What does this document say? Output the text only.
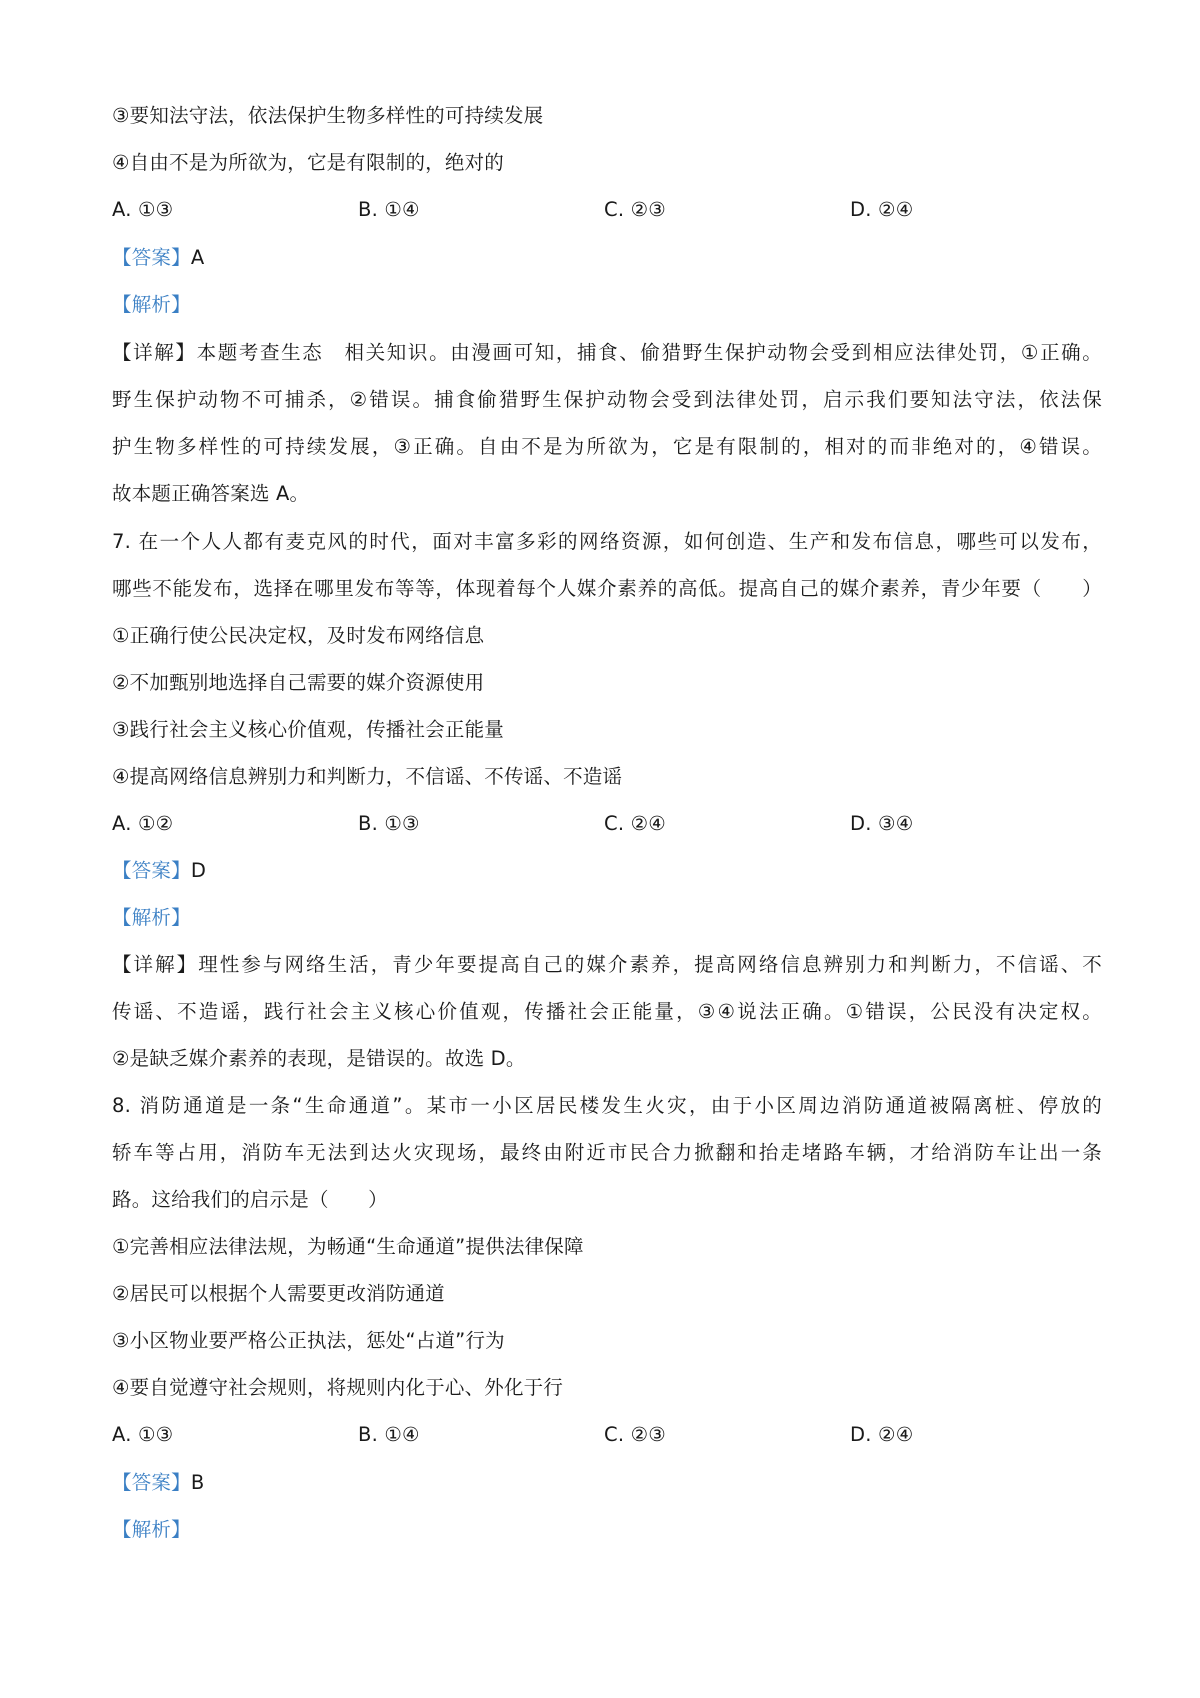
③要知法守法，依法保护生物多样性的可持续发展

④自由不是为所欲为，它是有限制的，绝对的

A. ①③	B. ①④	C. ②③	D. ②④

【答案】A

【解析】

【详解】本题考查生态　相关知识。由漫画可知，捕食、偷猎野生保护动物会受到相应法律处罚，①正确。

野生保护动物不可捕杀，②错误。捕食偷猎野生保护动物会受到法律处罚，启示我们要知法守法，依法保

护生物多样性的可持续发展，③正确。自由不是为所欲为，它是有限制的，相对的而非绝对的，④错误。

故本题正确答案选 A。

7. 在一个人人都有麦克风的时代，面对丰富多彩的网络资源，如何创造、生产和发布信息，哪些可以发布，

哪些不能发布，选择在哪里发布等等，体现着每个人媒介素养的高低。提高自己的媒介素养，青少年要（　　）

①正确行使公民决定权，及时发布网络信息

②不加甄别地选择自己需要的媒介资源使用

③践行社会主义核心价值观，传播社会正能量

④提高网络信息辨别力和判断力，不信谣、不传谣、不造谣

A. ①②	B. ①③	C. ②④	D. ③④

【答案】D

【解析】

【详解】理性参与网络生活，青少年要提高自己的媒介素养，提高网络信息辨别力和判断力，不信谣、不

传谣、不造谣，践行社会主义核心价值观，传播社会正能量，③④说法正确。①错误，公民没有决定权。

②是缺乏媒介素养的表现，是错误的。故选 D。

8. 消防通道是一条“生命通道”。某市一小区居民楼发生火灾，由于小区周边消防通道被隔离桩、停放的

轿车等占用，消防车无法到达火灾现场，最终由附近市民合力掀翻和抬走堵路车辆，才给消防车让出一条

路。这给我们的启示是（　　）

①完善相应法律法规，为畅通“生命通道”提供法律保障

②居民可以根据个人需要更改消防通道

③小区物业要严格公正执法，惩处“占道”行为

④要自觉遵守社会规则，将规则内化于心、外化于行

A. ①③	B. ①④	C. ②③	D. ②④

【答案】B

【解析】
